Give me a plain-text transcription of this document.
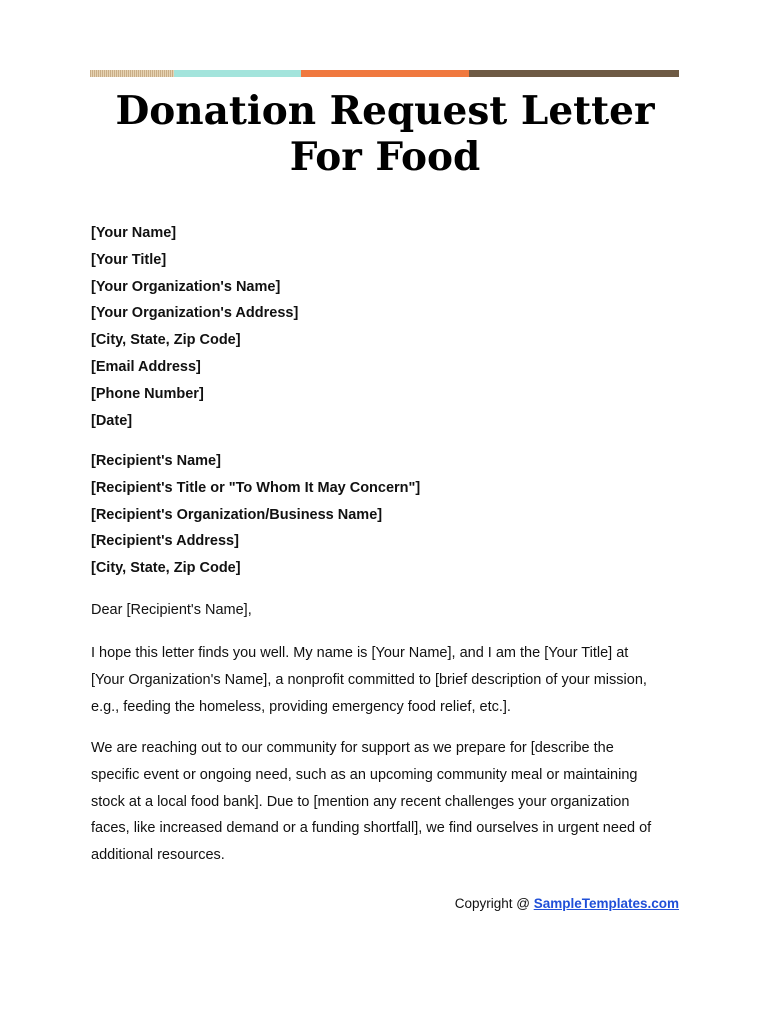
Donation Request Letter
For Food
[Your Name]
[Your Title]
[Your Organization's Name]
[Your Organization's Address]
[City, State, Zip Code]
[Email Address]
[Phone Number]
[Date]
[Recipient's Name]
[Recipient's Title or "To Whom It May Concern"]
[Recipient's Organization/Business Name]
[Recipient's Address]
[City, State, Zip Code]
Dear [Recipient's Name],
I hope this letter finds you well. My name is [Your Name], and I am the [Your Title] at
[Your Organization's Name], a nonprofit committed to [brief description of your mission,
e.g., feeding the homeless, providing emergency food relief, etc.].
We are reaching out to our community for support as we prepare for [describe the
specific event or ongoing need, such as an upcoming community meal or maintaining
stock at a local food bank]. Due to [mention any recent challenges your organization
faces, like increased demand or a funding shortfall], we find ourselves in urgent need of
additional resources.
Copyright @ SampleTemplates.com
